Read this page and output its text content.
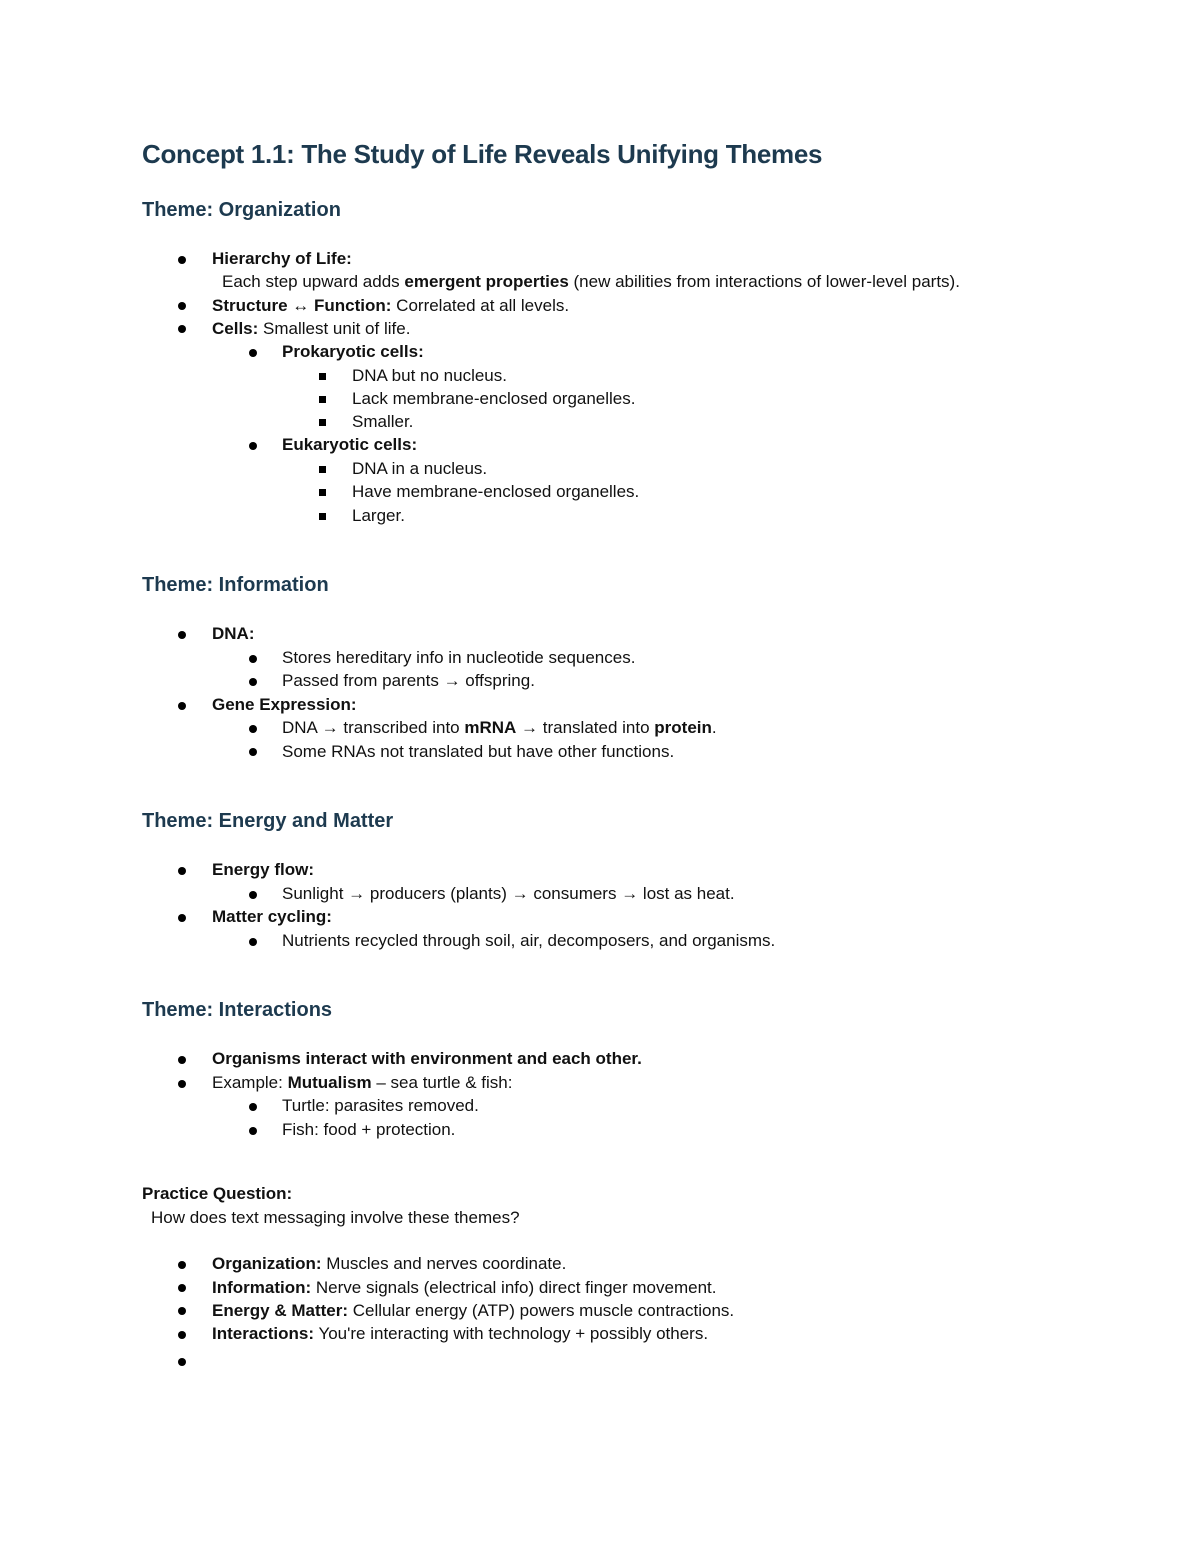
Concept 1.1: The Study of Life Reveals Unifying Themes
Theme: Organization
Hierarchy of Life:
Each step upward adds emergent properties (new abilities from interactions of lower-level parts).
Structure ↔ Function: Correlated at all levels.
Cells: Smallest unit of life.
Prokaryotic cells:
DNA but no nucleus.
Lack membrane-enclosed organelles.
Smaller.
Eukaryotic cells:
DNA in a nucleus.
Have membrane-enclosed organelles.
Larger.
Theme: Information
DNA:
Stores hereditary info in nucleotide sequences.
Passed from parents → offspring.
Gene Expression:
DNA → transcribed into mRNA → translated into protein.
Some RNAs not translated but have other functions.
Theme: Energy and Matter
Energy flow:
Sunlight → producers (plants) → consumers → lost as heat.
Matter cycling:
Nutrients recycled through soil, air, decomposers, and organisms.
Theme: Interactions
Organisms interact with environment and each other.
Example: Mutualism – sea turtle & fish:
Turtle: parasites removed.
Fish: food + protection.
Practice Question:
How does text messaging involve these themes?
Organization: Muscles and nerves coordinate.
Information: Nerve signals (electrical info) direct finger movement.
Energy & Matter: Cellular energy (ATP) powers muscle contractions.
Interactions: You're interacting with technology + possibly others.
